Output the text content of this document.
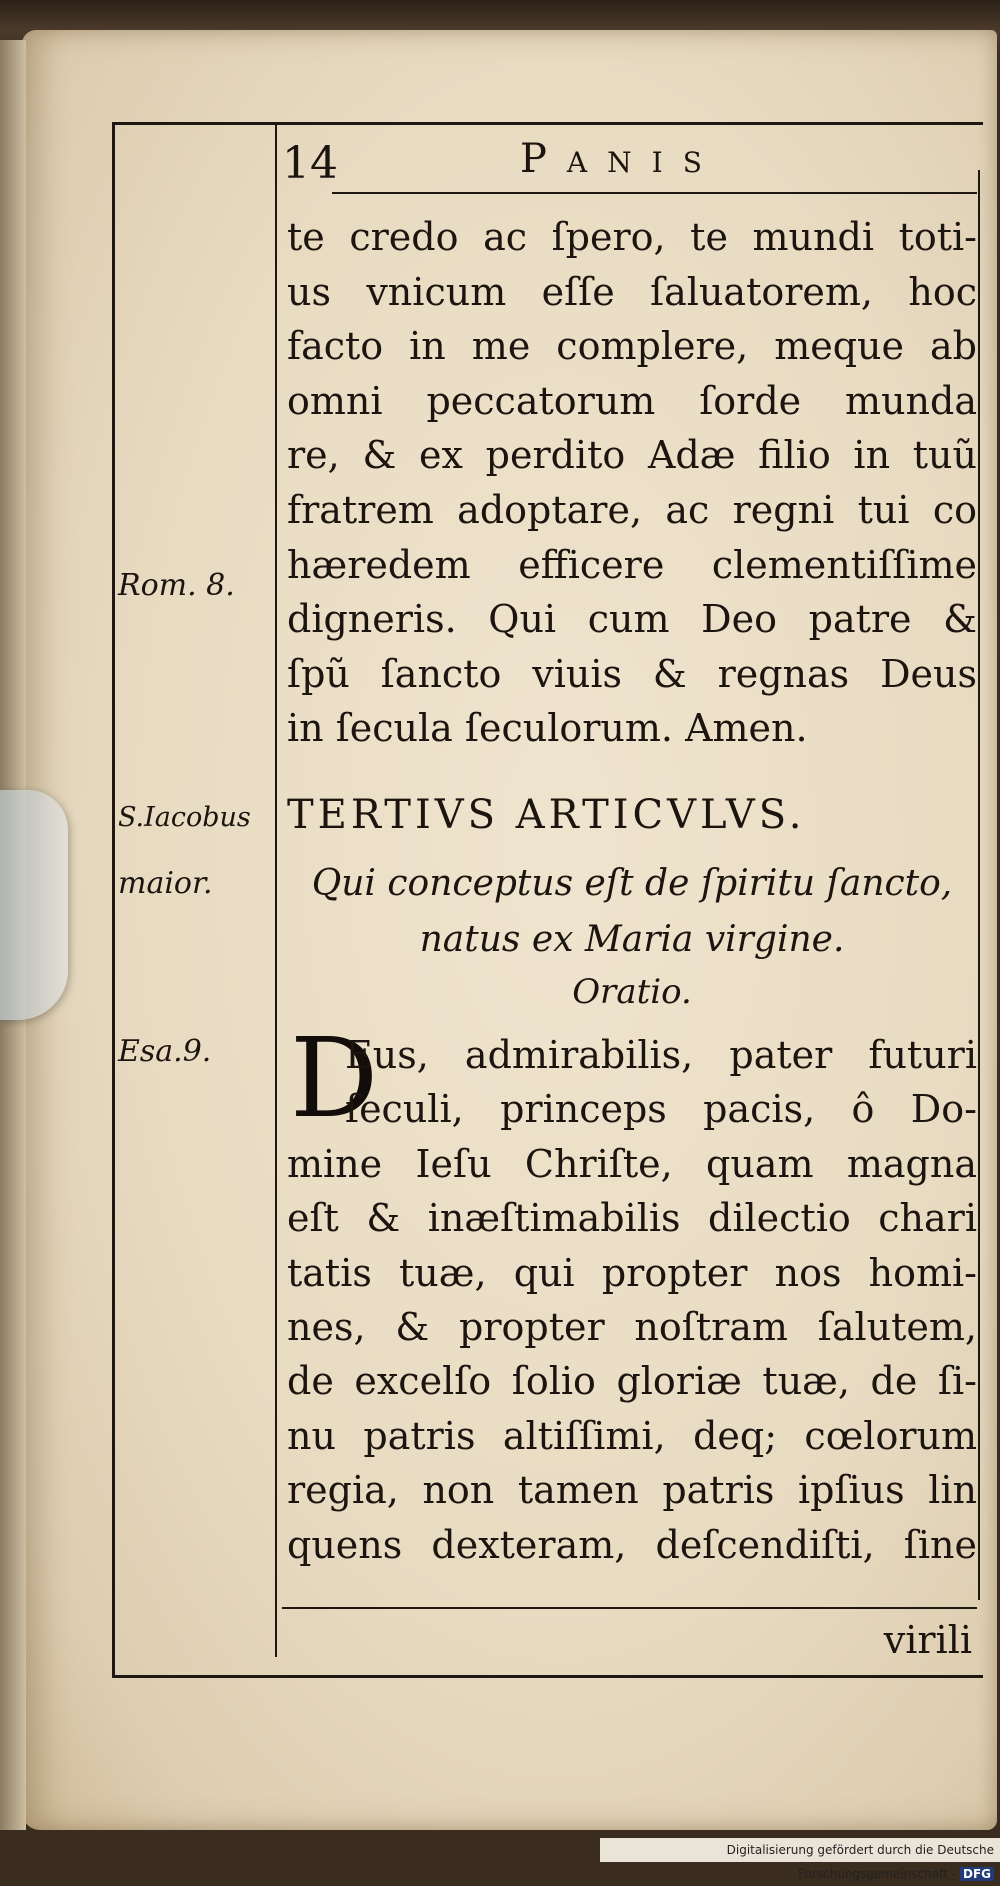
14	Panis
Rom. 8.
S.Iacobus
maior.
Esa.9.
te credo ac ſpero, te mundi toti-
us vnicum eſſe ſaluatorem, hoc
facto in me complere, meque ab
omni peccatorum ſorde munda
re, & ex perdito Adæ filio in tuũ
fratrem adoptare, ac regni tui co
hæredem efficere clementiſſime
digneris. Qui cum Deo patre &
ſpũ ſancto viuis & regnas Deus
in ſecula ſeculorum. Amen.
TERTIVS ARTICVLVS.
Qui conceptus eſt de ſpiritu ſancto,
natus ex Maria virgine.
Oratio.
D
Eus, admirabilis, pater futuri
ſeculi, princeps pacis, ô Do-
mine Ieſu Chriſte, quam magna
eſt & inæſtimabilis dilectio chari
tatis tuæ, qui propter nos homi-
nes, & propter noſtram ſalutem,
de excelſo ſolio gloriæ tuæ, de ſi-
nu patris altiſſimi, deq; cœlorum
regia, non tamen patris ipſius lin
quens dexteram, deſcendiſti, ſine
virili
Digitalisierung gefördert durch die Deutsche Forschungsgemeinschaft - DFG
